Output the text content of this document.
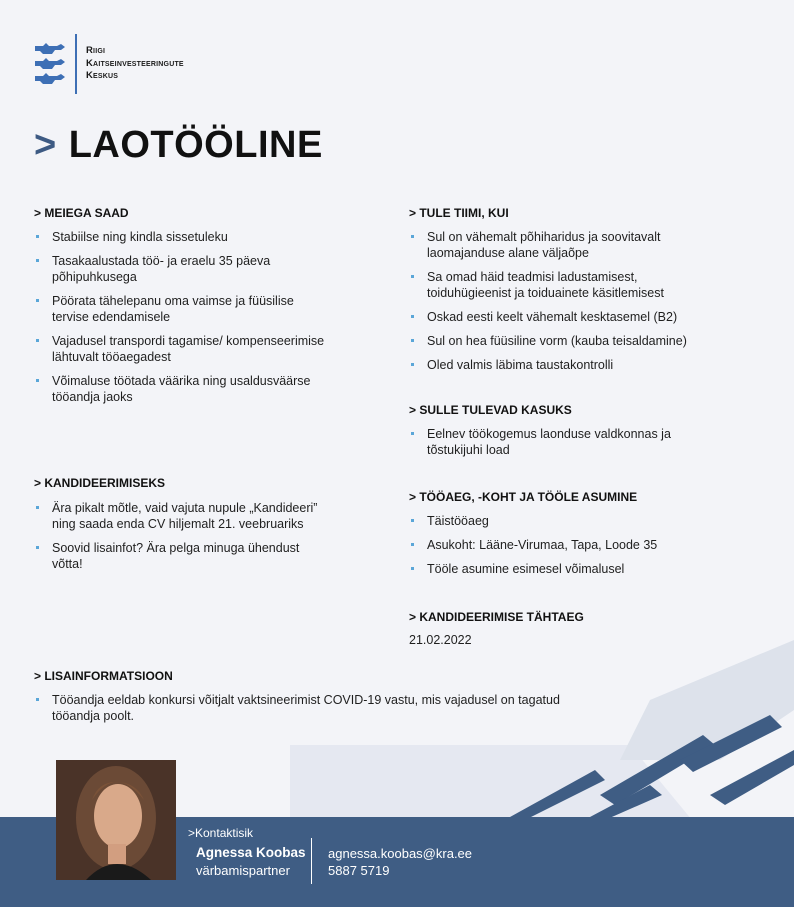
Riigi
Kaitseinvesteeringute
Keskus
> LAOTÖÖLINE
> MEIEGA SAAD
Stabiilse ning kindla sissetuleku
Tasakaalustada töö- ja eraelu 35 päeva põhipuhkusega
Pöörata tähelepanu oma vaimse ja füüsilise tervise edendamisele
Vajadusel transpordi tagamise/ kompenseerimise lähtuvalt tööaegadest
Võimaluse töötada väärika ning usaldusväärse tööandja jaoks
> KANDIDEERIMISEKS
Ära pikalt mõtle, vaid vajuta nupule „Kandideeri” ning saada enda CV hiljemalt 21. veebruariks
Soovid lisainfot? Ära pelga minuga ühendust võtta!
> LISAINFORMATSIOON
Tööandja eeldab konkursi võitjalt vaktsineerimist COVID-19 vastu, mis vajadusel on tagatud tööandja poolt.
> TULE TIIMI, KUI
Sul on vähemalt põhiharidus ja soovitavalt laomajanduse alane väljaõpe
Sa omad häid teadmisi ladustamisest, toiduhügieenist ja toiduainete käsitlemisest
Oskad eesti keelt vähemalt kesktasemel (B2)
Sul on hea füüsiline vorm (kauba teisaldamine)
Oled valmis läbima taustakontrolli
> SULLE TULEVAD KASUKS
Eelnev töökogemus laonduse valdkonnas ja tõstukijuhi load
> TÖÖAEG, -KOHT JA TÖÖLE ASUMINE
Täistööaeg
Asukoht: Lääne-Virumaa, Tapa, Loode 35
Tööle asumine esimesel võimalusel
> KANDIDEERIMISE TÄHTAEG
21.02.2022
>Kontaktisik
Agnessa Koobas
värbamispartner
agnessa.koobas@kra.ee
5887 5719
